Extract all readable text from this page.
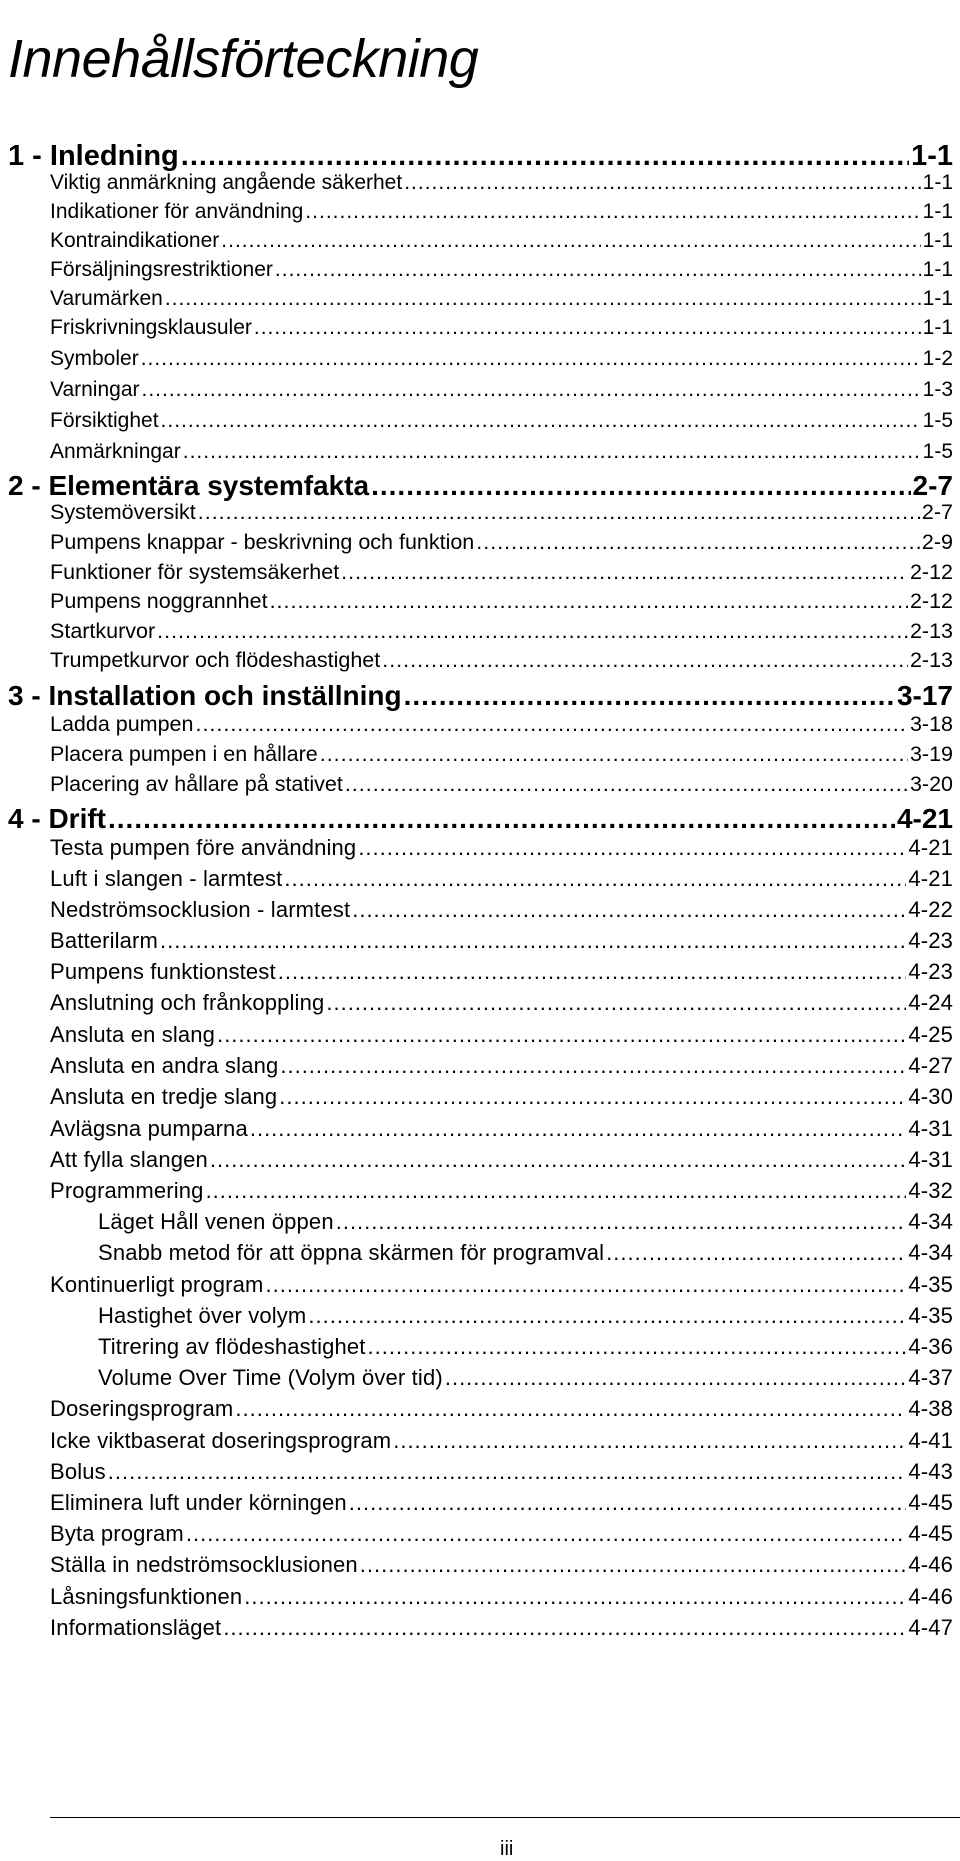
Innehållsförteckning
1 - Inledning .....	1-1
Viktig anmärkning angående säkerhet .....	1-1
Indikationer för användning .....	1-1
Kontraindikationer .....	1-1
Försäljningsrestriktioner .....	1-1
Varumärken .....	1-1
Friskrivningsklausuler .....	1-1
Symboler .....	1-2
Varningar .....	1-3
Försiktighet .....	1-5
Anmärkningar .....	1-5
2 - Elementära systemfakta .....	2-7
Systemöversikt .....	2-7
Pumpens knappar - beskrivning och funktion .....	2-9
Funktioner för systemsäkerhet .....	2-12
Pumpens noggrannhet .....	2-12
Startkurvor .....	2-13
Trumpetkurvor och flödeshastighet .....	2-13
3 - Installation och inställning .....	3-17
Ladda pumpen .....	3-18
Placera pumpen i en hållare .....	3-19
Placering av hållare på stativet .....	3-20
4 - Drift .....	4-21
Testa pumpen före användning .....	4-21
Luft i slangen - larmtest .....	4-21
Nedströmsocklusion - larmtest .....	4-22
Batterilarm .....	4-23
Pumpens funktionstest .....	4-23
Anslutning och frånkoppling .....	4-24
Ansluta en slang .....	4-25
Ansluta en andra slang .....	4-27
Ansluta en tredje slang .....	4-30
Avlägsna pumparna .....	4-31
Att fylla slangen .....	4-31
Programmering .....	4-32
Läget Håll venen öppen .....	4-34
Snabb metod för att öppna skärmen för programval .....	4-34
Kontinuerligt program .....	4-35
Hastighet över volym .....	4-35
Titrering av flödeshastighet .....	4-36
Volume Over Time (Volym över tid) .....	4-37
Doseringsprogram .....	4-38
Icke viktbaserat doseringsprogram .....	4-41
Bolus .....	4-43
Eliminera luft under körningen .....	4-45
Byta program .....	4-45
Ställa in nedströmsocklusionen .....	4-46
Låsningsfunktionen .....	4-46
Informationsläget .....	4-47
iii
